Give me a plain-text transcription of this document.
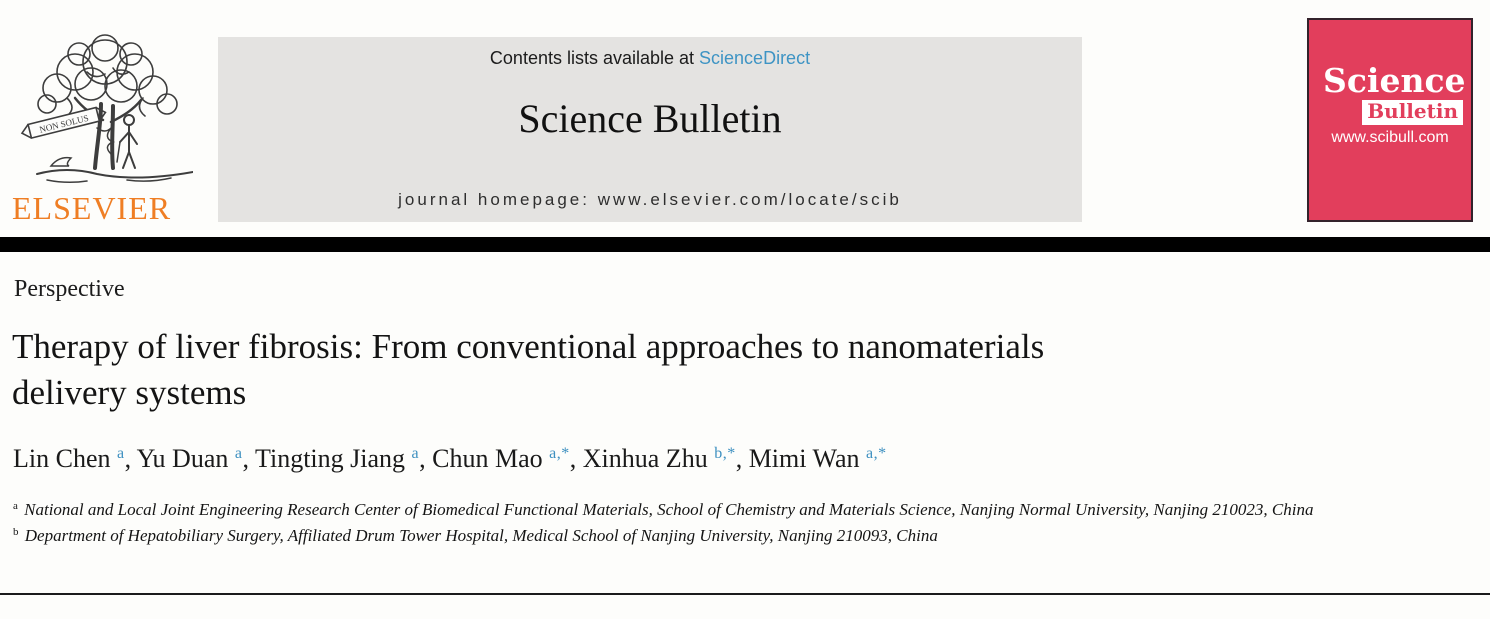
NON SOLUS
ELSEVIER
Contents lists available at ScienceDirect
Science Bulletin
journal homepage: www.elsevier.com/locate/scib
Science
Bulletin
www.scibull.com
Perspective
Therapy of liver fibrosis: From conventional approaches to nanomaterials delivery systems
Lin Chen $^a$, Yu Duan $^a$, Tingting Jiang $^a$, Chun Mao $^{a,*}$, Xinhua Zhu $^{b,*}$, Mimi Wan $^{a,*}$
$^a$ National and Local Joint Engineering Research Center of Biomedical Functional Materials, School of Chemistry and Materials Science, Nanjing Normal University, Nanjing 210023, China
$^b$ Department of Hepatobiliary Surgery, Affiliated Drum Tower Hospital, Medical School of Nanjing University, Nanjing 210093, China
